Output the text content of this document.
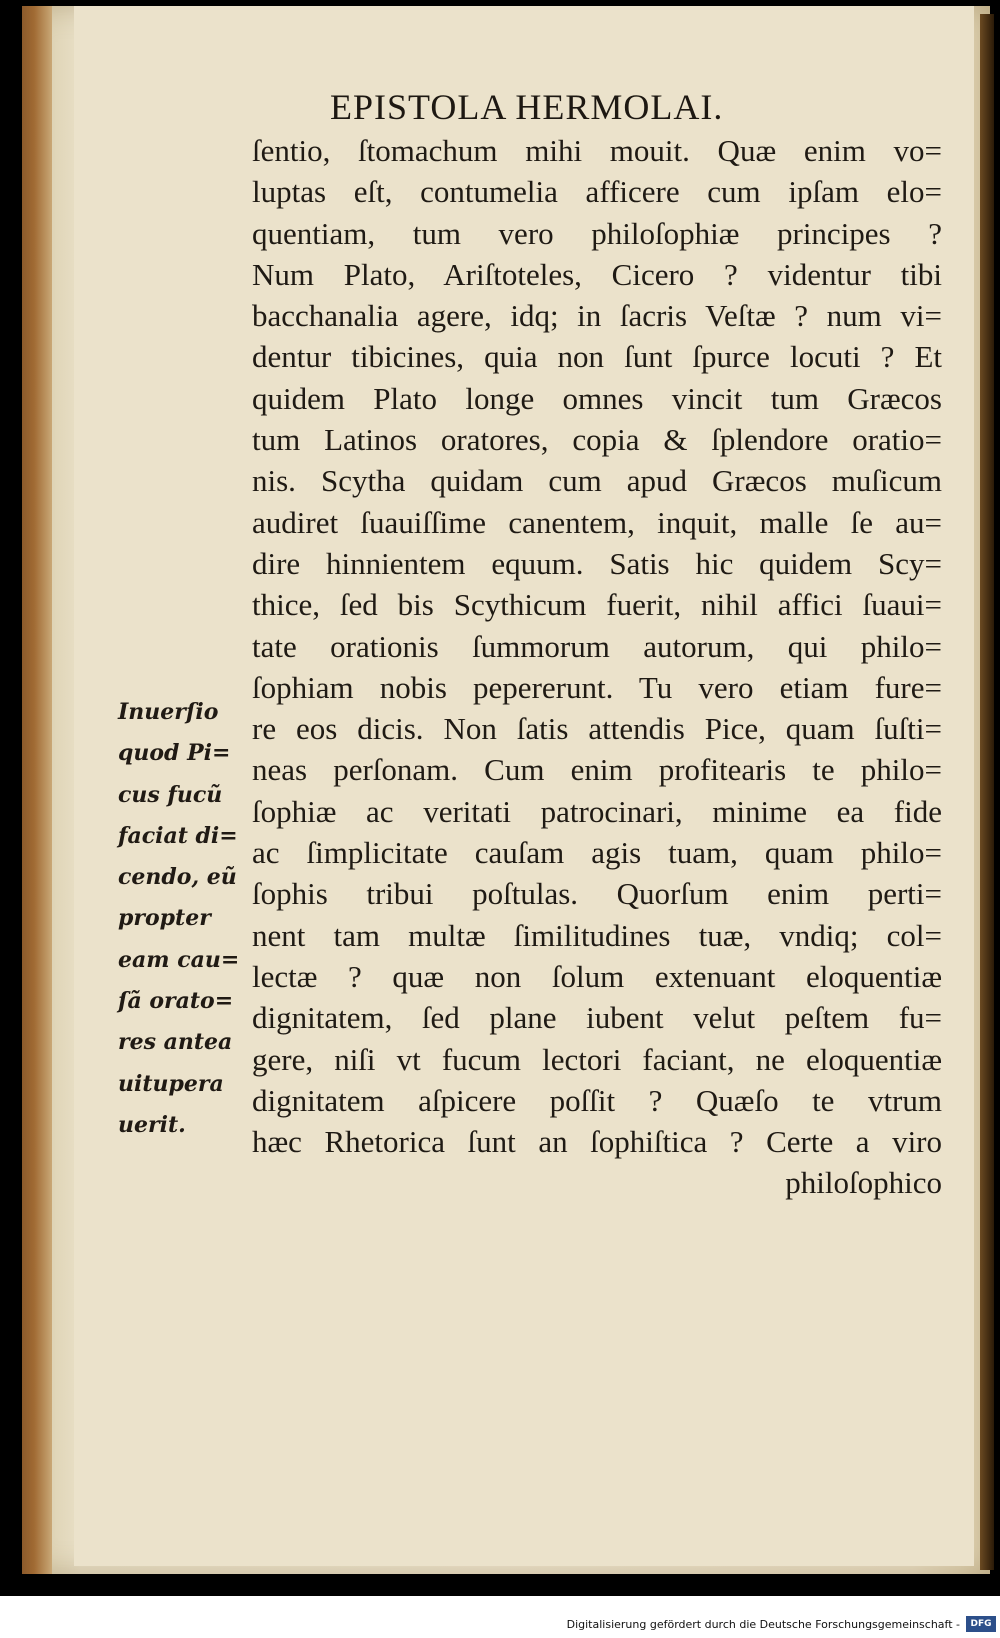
EPISTOLA HERMOLAI.
ſentio, ſtomachum mihi mouit. Quæ enim vo=
luptas eſt, contumelia afficere cum ipſam elo=
quentiam, tum vero philoſophiæ principes ?
Num Plato, Ariſtoteles, Cicero ? videntur tibi
bacchanalia agere, idq; in ſacris Veſtæ ? num vi=
dentur tibicines, quia non ſunt ſpurce locuti ? Et
quidem Plato longe omnes vincit tum Græcos
tum Latinos oratores, copia & ſplendore oratio=
nis. Scytha quidam cum apud Græcos muſicum
audiret ſuauiſſime canentem, inquit, malle ſe au=
dire hinnientem equum. Satis hic quidem Scy=
thice, ſed bis Scythicum fuerit, nihil affici ſuaui=
tate orationis ſummorum autorum, qui philo=
ſophiam nobis pepererunt. Tu vero etiam fure=
re eos dicis. Non ſatis attendis Pice, quam ſuſti=
neas perſonam. Cum enim profitearis te philo=
ſophiæ ac veritati patrocinari, minime ea fide
ac ſimplicitate cauſam agis tuam, quam philo=
ſophis tribui poſtulas. Quorſum enim perti=
nent tam multæ ſimilitudines tuæ, vndiq; col=
lectæ ? quæ non ſolum extenuant eloquentiæ
dignitatem, ſed plane iubent velut peſtem fu=
gere, niſi vt fucum lectori faciant, ne eloquentiæ
dignitatem aſpicere poſſit ? Quæſo te vtrum
hæc Rhetorica ſunt an ſophiſtica ? Certe a viro
philoſophico
Inuerſio
quod Pi=
cus fucũ
faciat di=
cendo, eũ
propter
eam cau=
ſã orato=
res antea
uitupera
uerit.
Digitalisierung gefördert durch die Deutsche Forschungsgemeinschaft -	DFG
